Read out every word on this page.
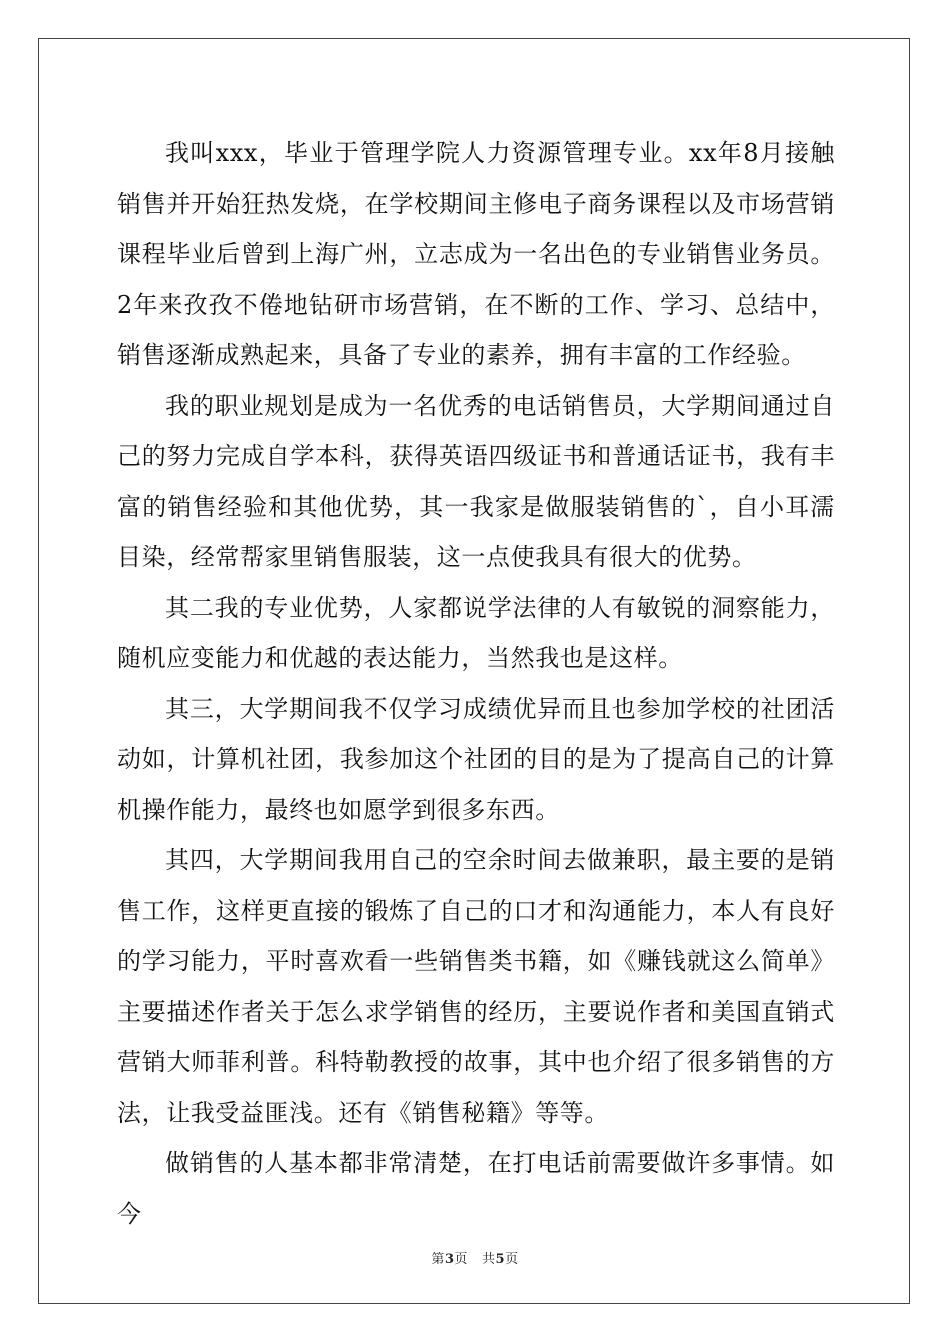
我叫xxx，毕业于管理学院人力资源管理专业。xx年8月接触销售并开始狂热发烧，在学校期间主修电子商务课程以及市场营销课程毕业后曾到上海广州，立志成为一名出色的专业销售业务员。2年来孜孜不倦地钻研市场营销，在不断的工作、学习、总结中，销售逐渐成熟起来，具备了专业的素养，拥有丰富的工作经验。

我的职业规划是成为一名优秀的电话销售员，大学期间通过自己的努力完成自学本科，获得英语四级证书和普通话证书，我有丰富的销售经验和其他优势，其一我家是做服装销售的`，自小耳濡目染，经常帮家里销售服装，这一点使我具有很大的优势。

其二我的专业优势，人家都说学法律的人有敏锐的洞察能力，随机应变能力和优越的表达能力，当然我也是这样。

其三，大学期间我不仅学习成绩优异而且也参加学校的社团活动如，计算机社团，我参加这个社团的目的是为了提高自己的计算机操作能力，最终也如愿学到很多东西。

其四，大学期间我用自己的空余时间去做兼职，最主要的是销售工作，这样更直接的锻炼了自己的口才和沟通能力，本人有良好的学习能力，平时喜欢看一些销售类书籍，如《赚钱就这么简单》主要描述作者关于怎么求学销售的经历，主要说作者和美国直销式营销大师菲利普。科特勒教授的故事，其中也介绍了很多销售的方法，让我受益匪浅。还有《销售秘籍》等等。

做销售的人基本都非常清楚，在打电话前需要做许多事情。如今

第3页 共5页
